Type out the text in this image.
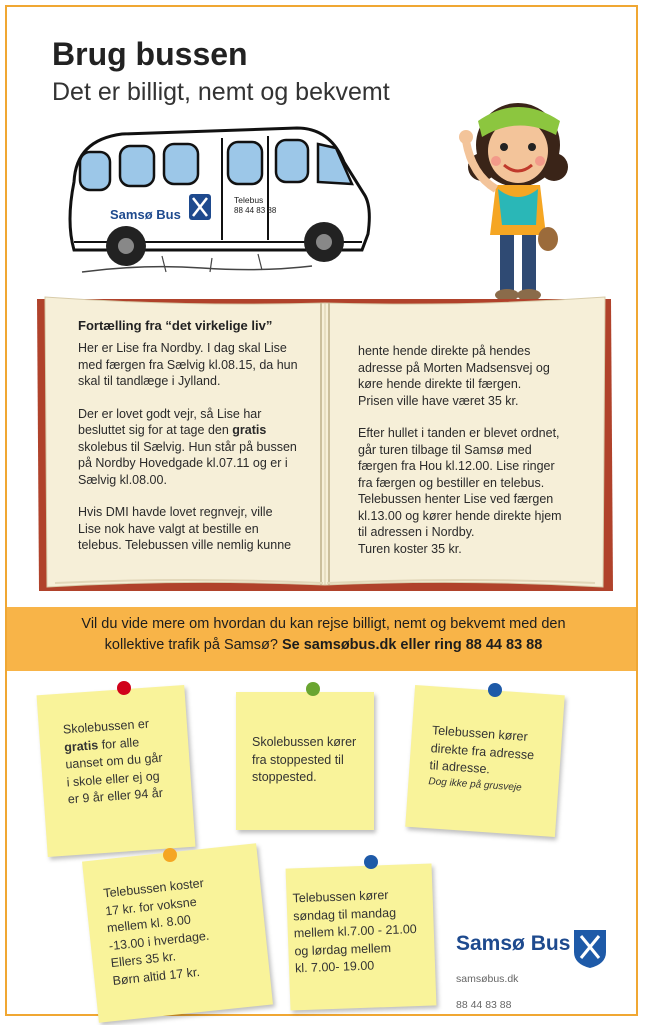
Brug bussen
Det er billigt, nemt og bekvemt
Samsø Bus
Telebus
88 44 83 88
Fortælling fra “det virkelige liv”

Her er Lise fra Nordby. I dag skal Lise
med færgen fra Sælvig kl.08.15, da hun
skal til tandlæge i Jylland.

Der er lovet godt vejr, så Lise har
besluttet sig for at tage den gratis
skolebus til Sælvig. Hun står på bussen
på Nordby Hovedgade kl.07.11 og er i
Sælvig kl.08.00.

Hvis DMI havde lovet regnvejr, ville
Lise nok have valgt at bestille en
telebus. Telebussen ville nemlig kunne

hente hende direkte på hendes
adresse på Morten Madsensvej og
køre hende direkte til færgen.
Prisen ville have været 35 kr.

Efter hullet i tanden er blevet ordnet,
går turen tilbage til Samsø med
færgen fra Hou kl.12.00. Lise ringer
fra færgen og bestiller en telebus.
Telebussen henter Lise ved færgen
kl.13.00 og kører hende direkte hjem
til adressen i Nordby.
Turen koster 35 kr.

Vil du vide mere om hvordan du kan rejse billigt, nemt og bekvemt med den
kollektive trafik på Samsø? Se samsøbus.dk eller ring 88 44 83 88
Skolebussen er
gratis for alle
uanset om du går
i skole eller ej og
er 9 år eller 94 år
Skolebussen kører
fra stoppested til
stoppested.
Telebussen kører
direkte fra adresse
til adresse.
Dog ikke på grusveje
Telebussen koster
17 kr. for voksne
mellem kl. 8.00
-13.00 i hverdage.
Ellers 35 kr.
Børn altid 17 kr.
Telebussen kører
søndag til mandag
mellem kl.7.00 - 21.00
og lørdag mellem
kl. 7.00- 19.00
Samsø Bus

samsøbus.dk

88 44 83 88
